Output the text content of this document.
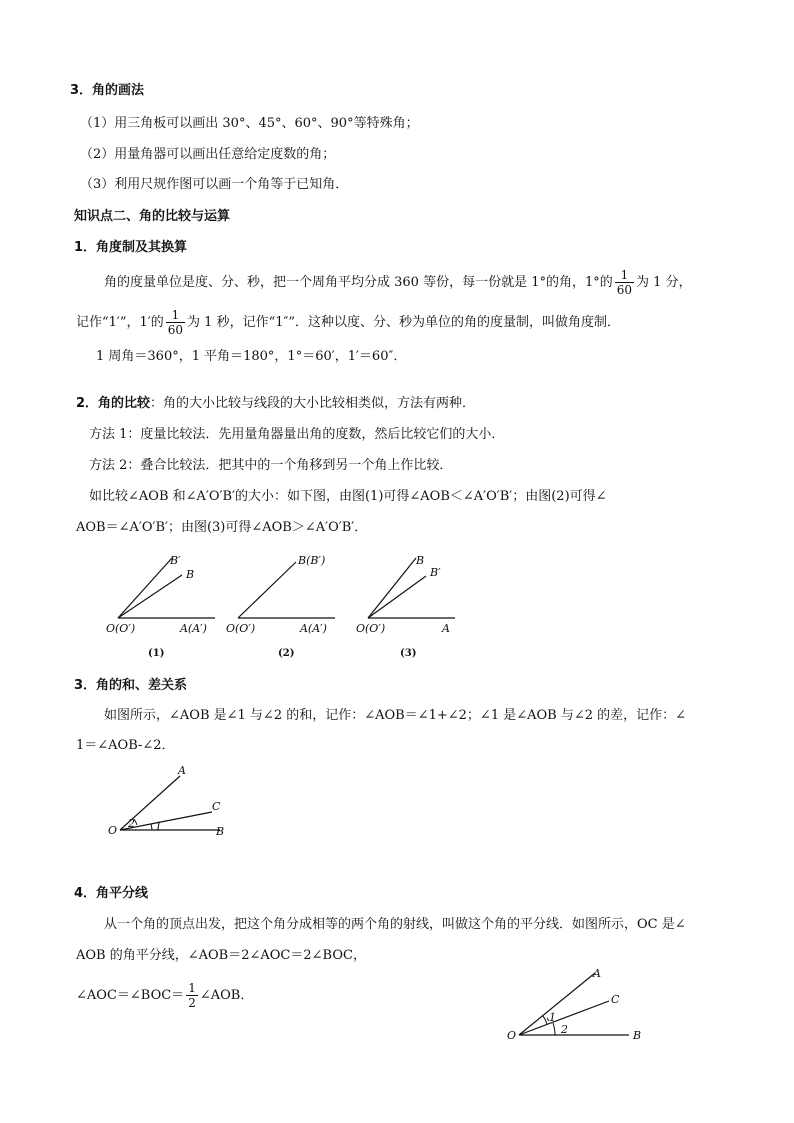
3．角的画法
（1）用三角板可以画出 30°、45°、60°、90°等特殊角；
（2）用量角器可以画出任意给定度数的角；
（3）利用尺规作图可以画一个角等于已知角．
知识点二、角的比较与运算
1．角度制及其换算
角的度量单位是度、分、秒，把一个周角平均分成 360 等份，每一份就是 1°的角，1°的 $\frac{1}{60}$ 为 1 分，
记作“1′”，1′的 $\frac{1}{60}$ 为 1 秒，记作“1″”．这种以度、分、秒为单位的角的度量制，叫做角度制．
1 周角＝360°，1 平角＝180°，1°＝60′，1′＝60″．
2．角的比较：角的大小比较与线段的大小比较相类似，方法有两种．
方法 1：度量比较法．先用量角器量出角的度数，然后比较它们的大小．
方法 2：叠合比较法．把其中的一个角移到另一个角上作比较．
如比较∠AOB 和∠A′O′B′的大小：如下图，由图(1)可得∠AOB＜∠A′O′B′；由图(2)可得∠
AOB＝∠A′O′B′；由图(3)可得∠AOB＞∠A′O′B′．
B′
B
O(O′)	A(A′)
(1)
B(B′)
O(O′)	A(A′)
(2)
B
B′
O(O′)	A
(3)
3．角的和、差关系
如图所示，∠AOB 是∠1 与∠2 的和，记作：∠AOB＝∠1+∠2；∠1 是∠AOB 与∠2 的差，记作：∠
1＝∠AOB-∠2．
A
C
B
O
2 1
4．角平分线
从一个角的顶点出发，把这个角分成相等的两个角的射线，叫做这个角的平分线．如图所示，OC 是∠
AOB 的角平分线，∠AOB＝2∠AOC＝2∠BOC，
∠AOC＝∠BOC＝ $\frac{1}{2}$ ∠AOB．
A
C
B
O
1
2
